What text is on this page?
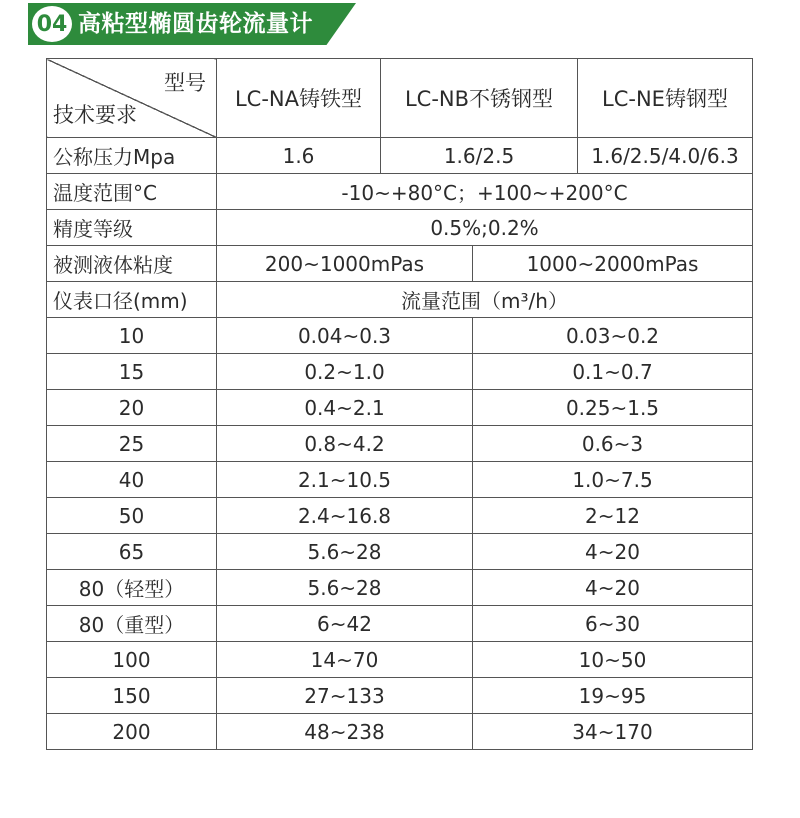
04 高粘型椭圆齿轮流量计
型号
技术要求	LC-NA铸铁型	LC-NB不锈钢型		LC-NE铸钢型
公称压力Mpa	1.6	1.6/2.5		1.6/2.5/4.0/6.3
温度范围°C	-10~+80°C；+100~+200°C			
精度等级	0.5%;0.2%			
被测液体粘度	200~1000mPas		1000~2000mPas	
仪表口径(mm)	流量范围（m³/h）			
10	0.04~0.3		0.03~0.2	
15	0.2~1.0		0.1~0.7	
20	0.4~2.1		0.25~1.5	
25	0.8~4.2		0.6~3	
40	2.1~10.5		1.0~7.5	
50	2.4~16.8		2~12	
65	5.6~28		4~20	
80（轻型）	5.6~28		4~20	
80（重型）	6~42		6~30	
100	14~70		10~50	
150	27~133		19~95	
200	48~238		34~170	
